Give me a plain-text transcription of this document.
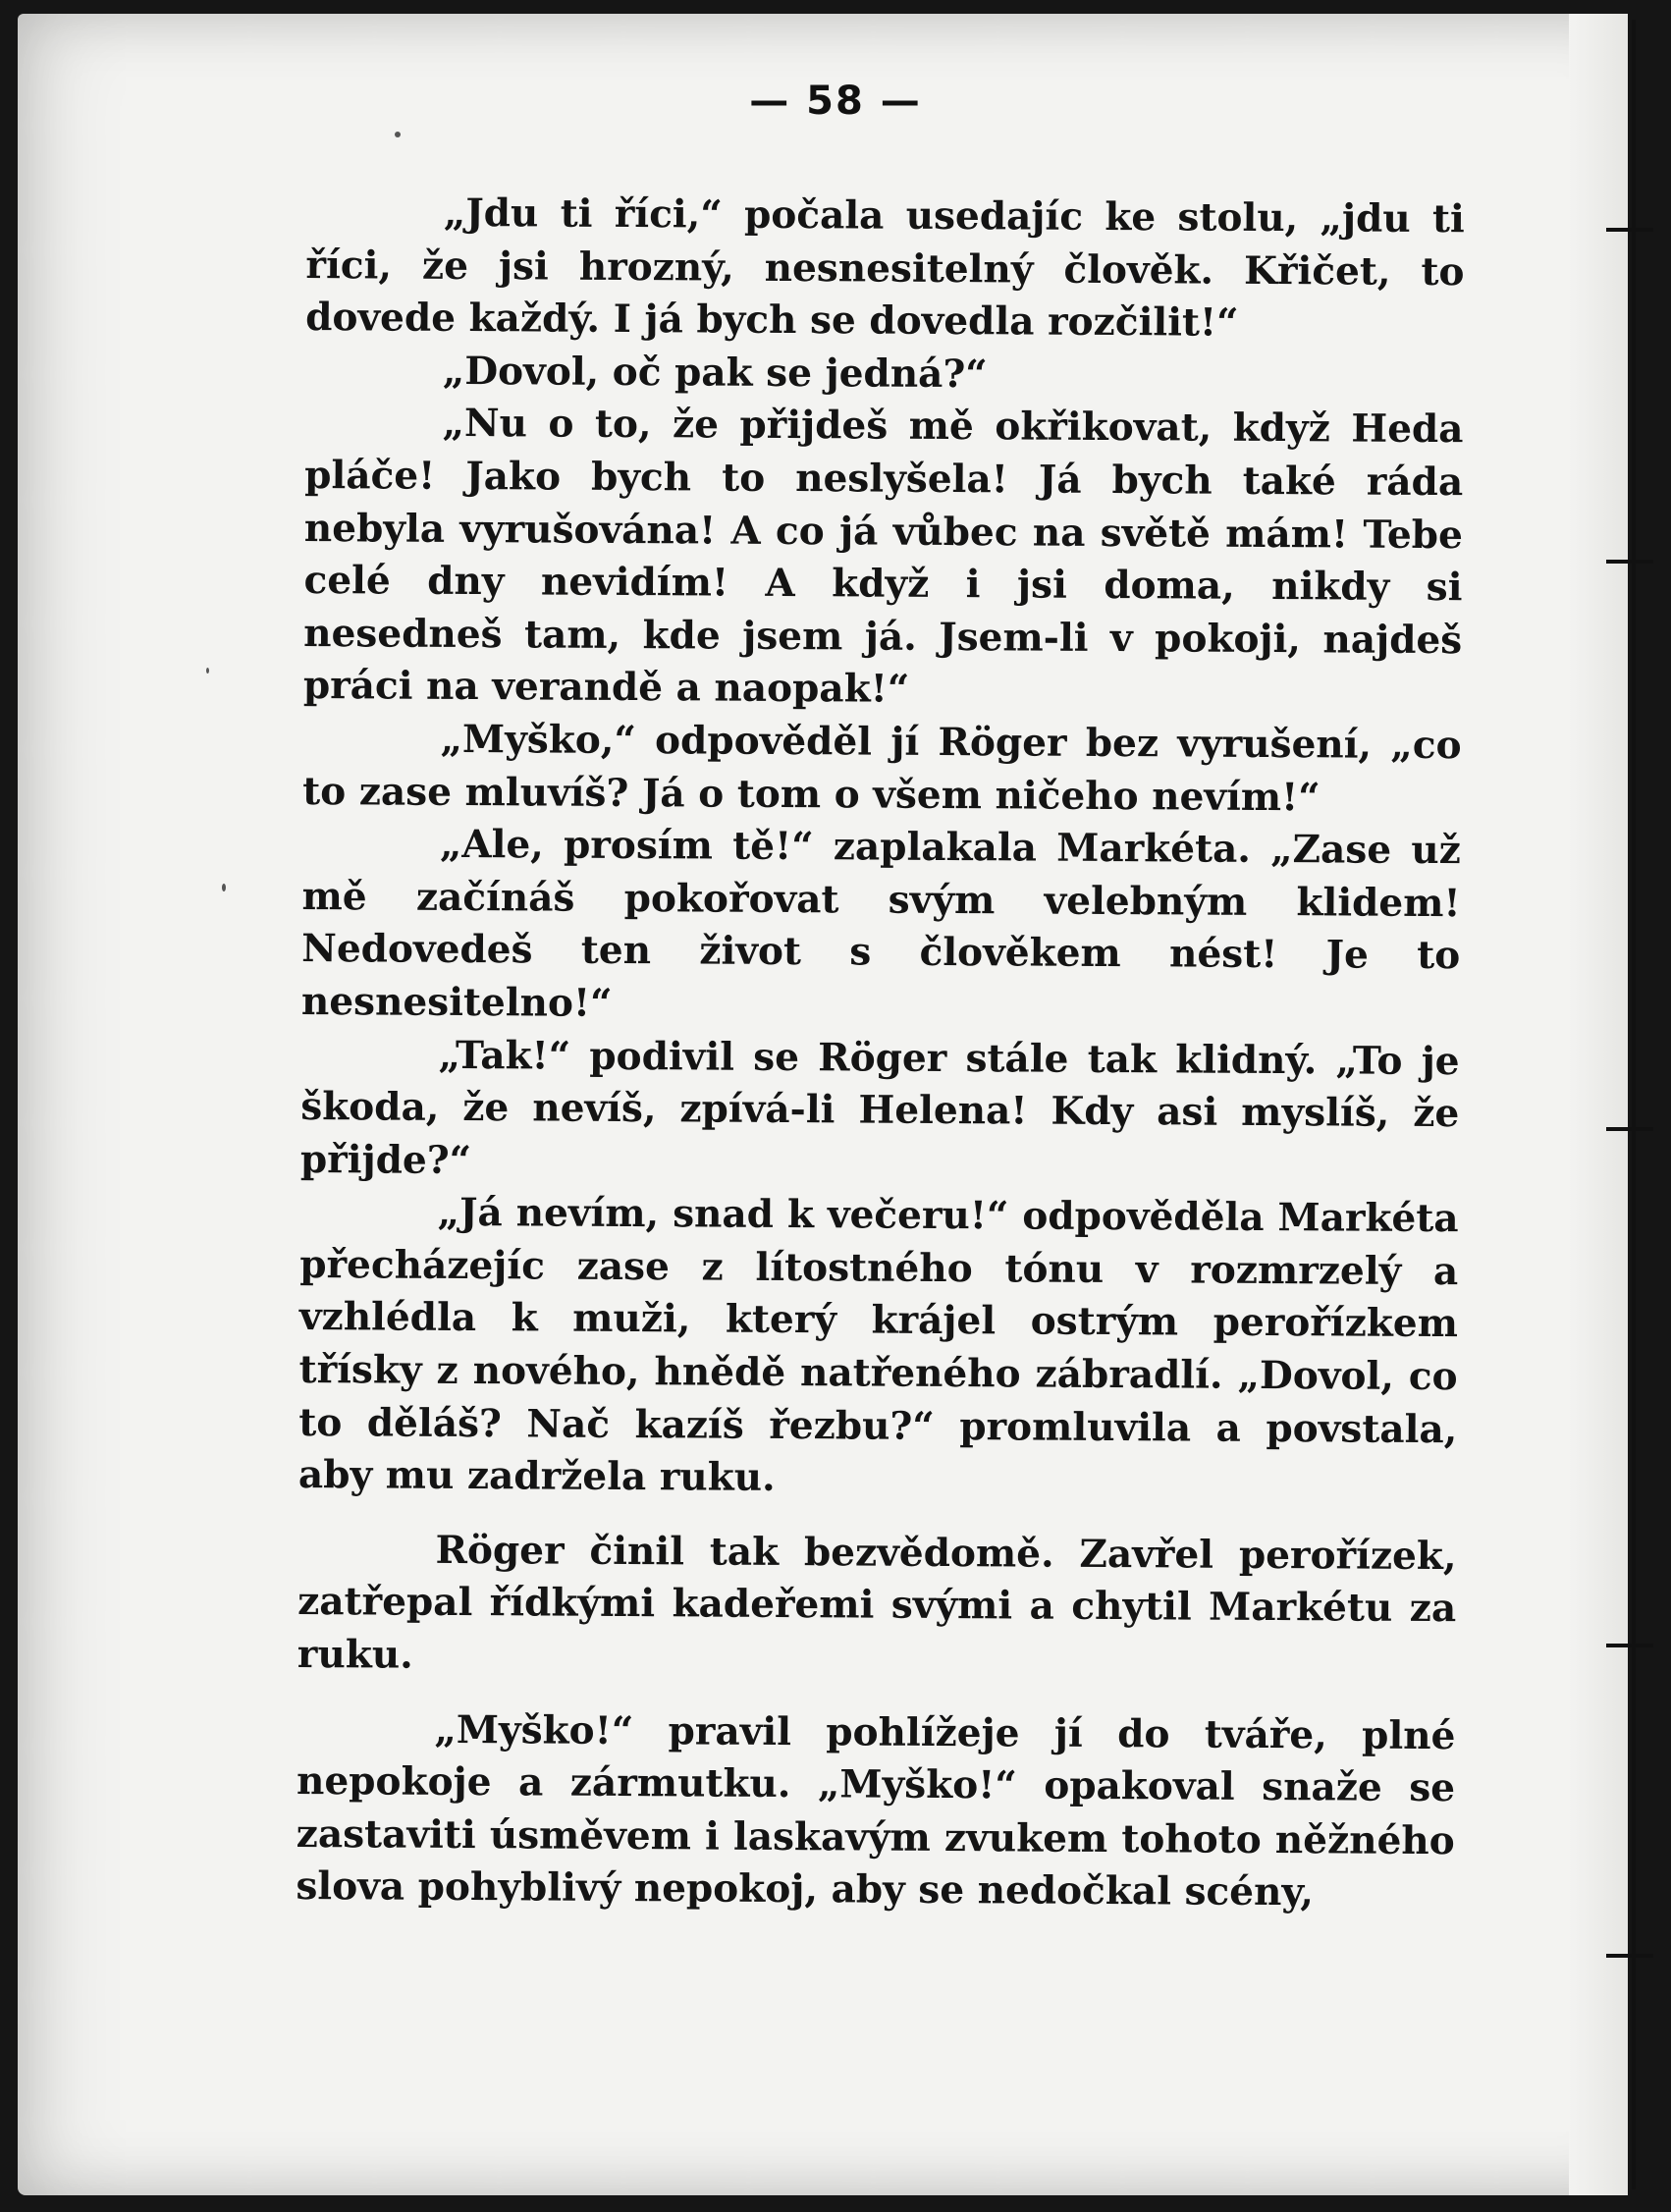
— 58 —

„Jdu ti říci,“ počala usedajíc ke stolu, „jdu ti říci, že jsi hrozný, nesnesitelný člověk. Křičet, to dovede každý. I já bych se dovedla rozčilit!“

„Dovol, oč pak se jedná?“

„Nu o to, že přijdeš mě okřikovat, když Heda pláče! Jako bych to neslyšela! Já bych také ráda nebyla vyrušována! A co já vůbec na světě mám! Tebe celé dny nevidím! A když i jsi doma, nikdy si nesedneš tam, kde jsem já. Jsem-li v pokoji, najdeš práci na verandě a naopak!“

„Myško,“ odpověděl jí Röger bez vyrušení, „co to zase mluvíš? Já o tom o všem ničeho nevím!“

„Ale, prosím tě!“ zaplakala Markéta. „Zase už mě začínáš pokořovat svým velebným klidem! Nedovedeš ten život s člověkem nést! Je to nesnesitelno!“

„Tak!“ podivil se Röger stále tak klidný. „To je škoda, že nevíš, zpívá-li Helena! Kdy asi myslíš, že přijde?“

„Já nevím, snad k večeru!“ odpověděla Markéta přecházejíc zase z lítostného tónu v rozmrzelý a vzhlédla k muži, který krájel ostrým perořízkem třísky z nového, hnědě natřeného zábradlí. „Dovol, co to děláš? Nač kazíš řezbu?“ promluvila a povstala, aby mu zadržela ruku.

Röger činil tak bezvědomě. Zavřel perořízek, zatřepal řídkými kadeřemi svými a chytil Markétu za ruku.

„Myško!“ pravil pohlížeje jí do tváře, plné nepokoje a zármutku. „Myško!“ opakoval snaže se zastaviti úsměvem i laskavým zvukem tohoto něžného slova pohyblivý nepokoj, aby se nedočkal scény,
